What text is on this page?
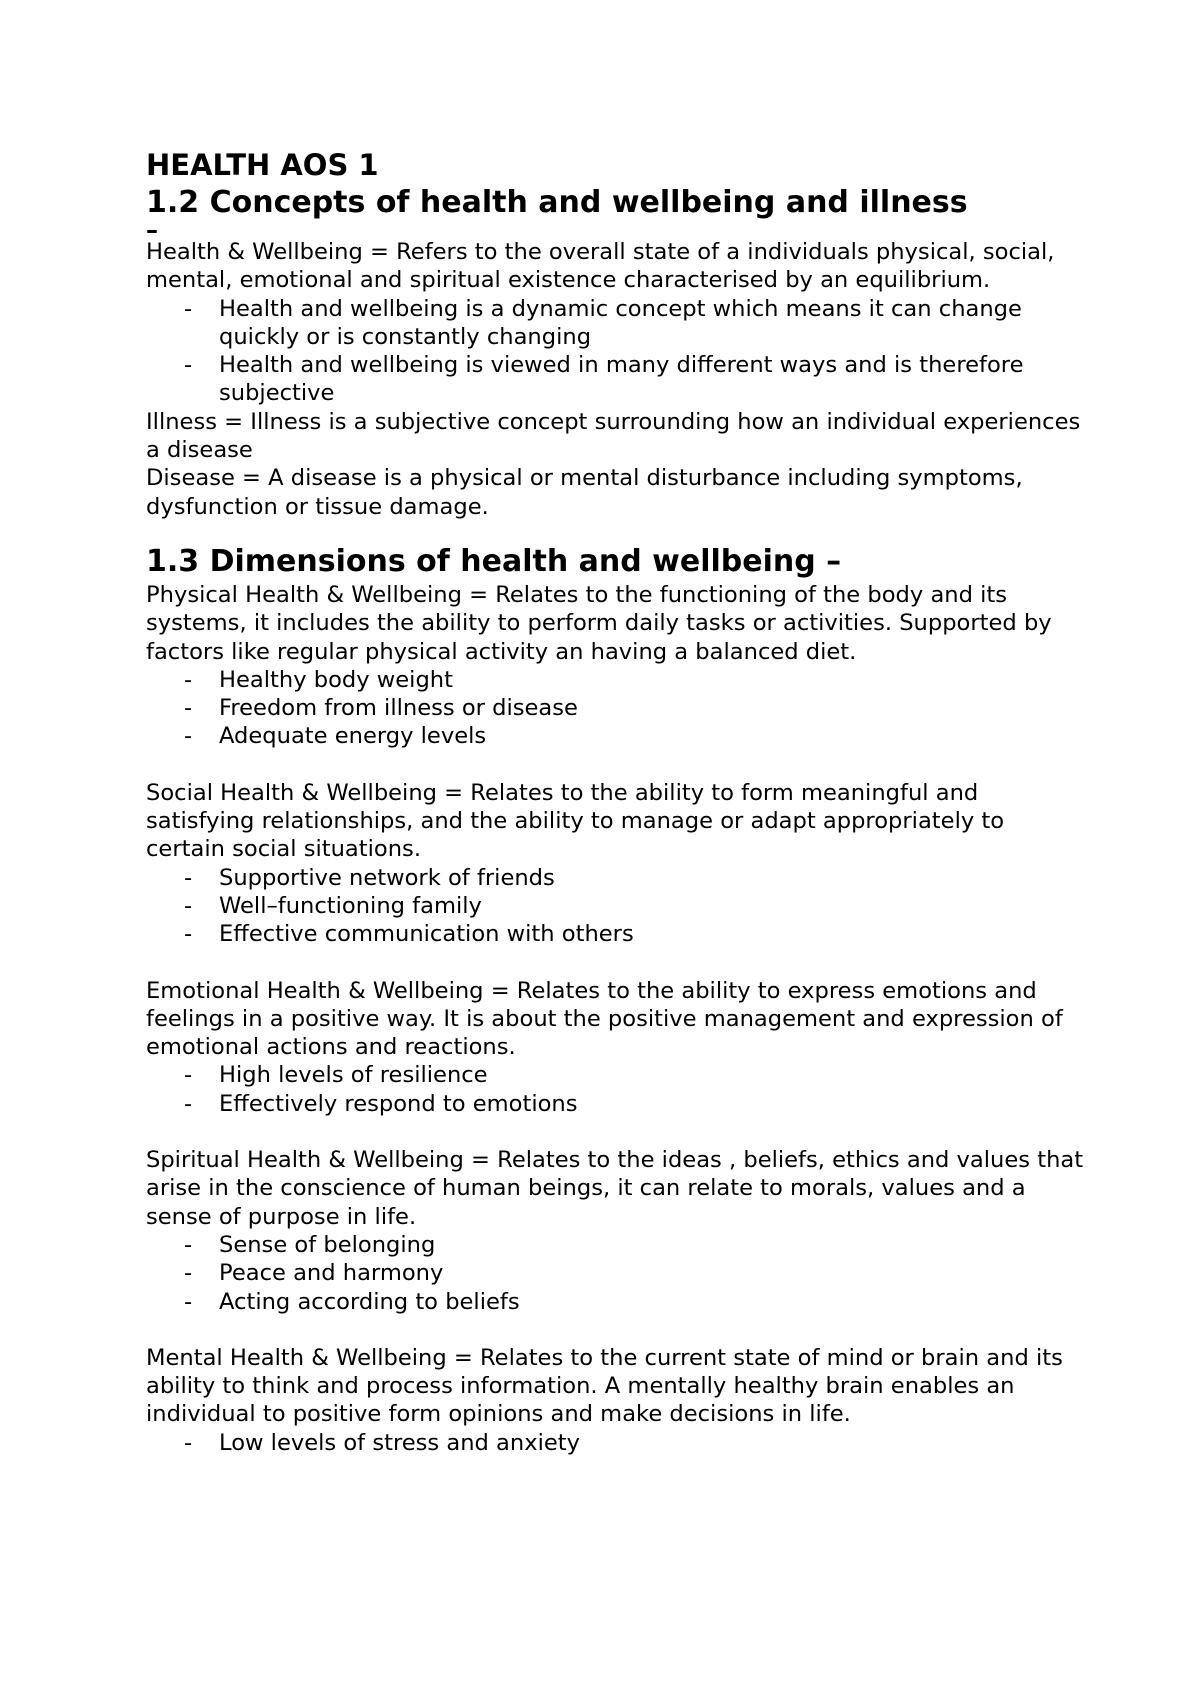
HEALTH AOS 1
1.2 Concepts of health and wellbeing and illness
–

Health & Wellbeing = Refers to the overall state of a individuals physical, social, mental, emotional and spiritual existence characterised by an equilibrium.

- Health and wellbeing is a dynamic concept which means it can change quickly or is constantly changing
- Health and wellbeing is viewed in many different ways and is therefore subjective

Illness = Illness is a subjective concept surrounding how an individual experiences a disease

Disease = A disease is a physical or mental disturbance including symptoms, dysfunction or tissue damage.

1.3 Dimensions of health and wellbeing –

Physical Health & Wellbeing = Relates to the functioning of the body and its systems, it includes the ability to perform daily tasks or activities. Supported by factors like regular physical activity an having a balanced diet.

- Healthy body weight
- Freedom from illness or disease
- Adequate energy levels

Social Health & Wellbeing = Relates to the ability to form meaningful and satisfying relationships, and the ability to manage or adapt appropriately to certain social situations.

- Supportive network of friends
- Well–functioning family
- Effective communication with others

Emotional Health & Wellbeing = Relates to the ability to express emotions and feelings in a positive way. It is about the positive management and expression of emotional actions and reactions.

- High levels of resilience
- Effectively respond to emotions

Spiritual Health & Wellbeing = Relates to the ideas , beliefs, ethics and values that arise in the conscience of human beings, it can relate to morals, values and a sense of purpose in life.

- Sense of belonging
- Peace and harmony
- Acting according to beliefs

Mental Health & Wellbeing = Relates to the current state of mind or brain and its ability to think and process information. A mentally healthy brain enables an individual to positive form opinions and make decisions in life.

- Low levels of stress and anxiety
